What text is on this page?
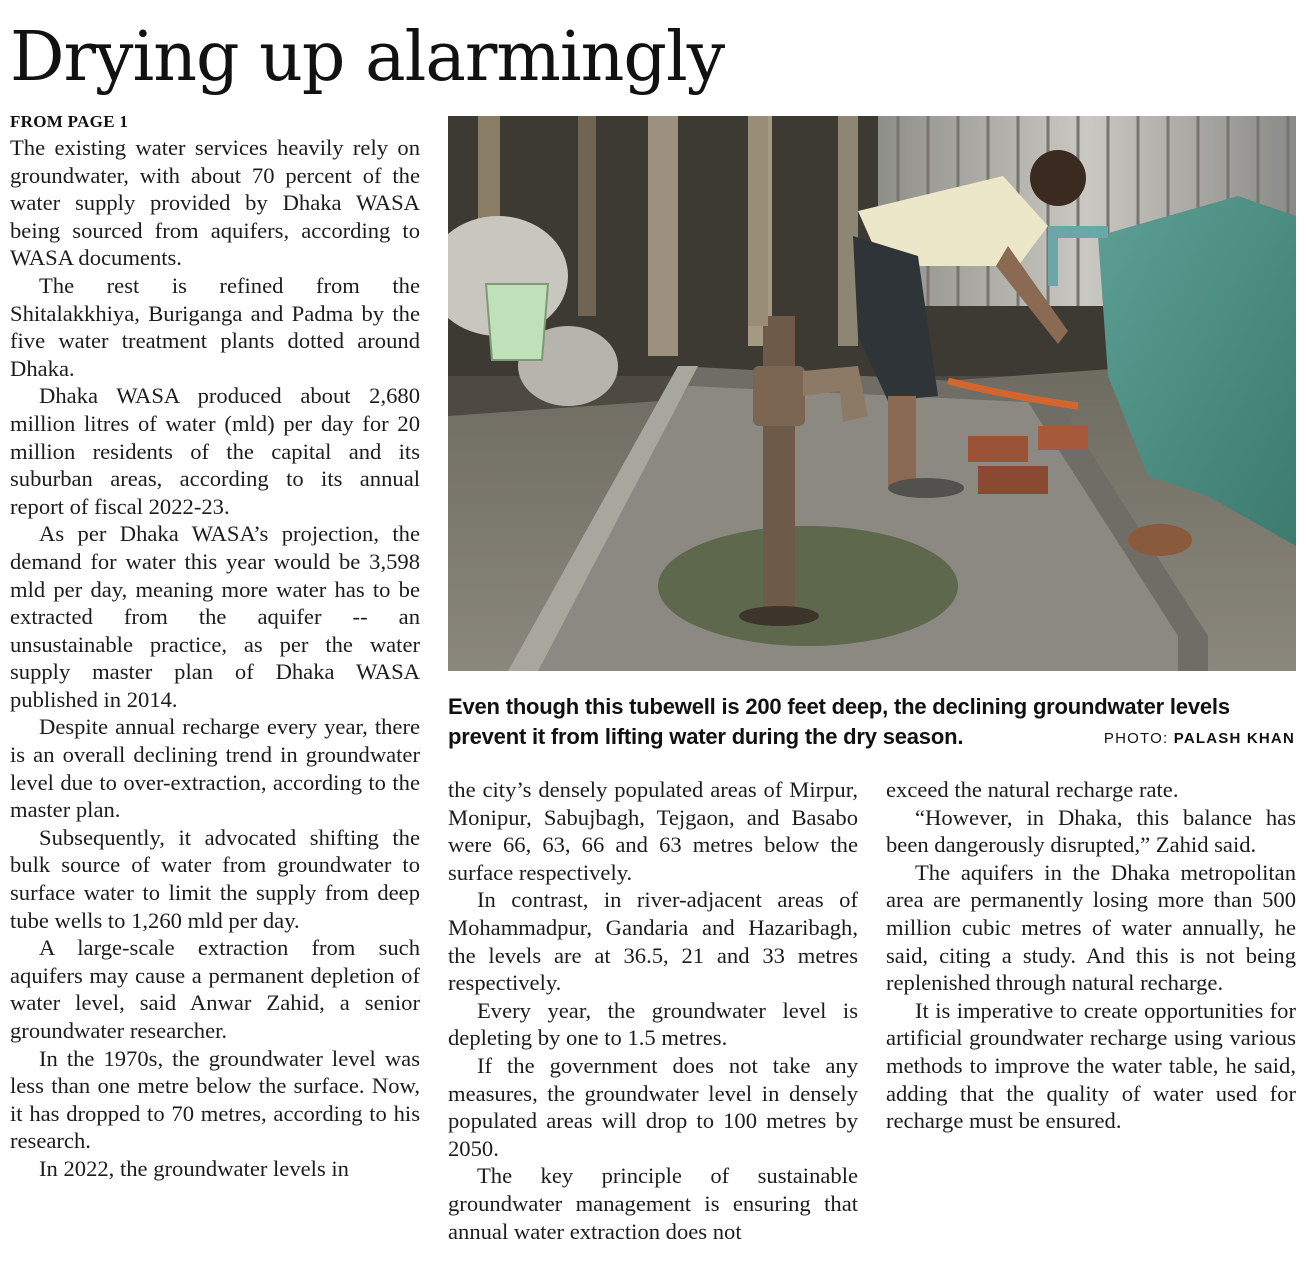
Drying up alarmingly
FROM PAGE 1

The existing water services heavily rely on groundwater, with about 70 percent of the water supply provided by Dhaka WASA being sourced from aquifers, according to WASA documents.

The rest is refined from the Shitalakkhiya, Buriganga and Padma by the five water treatment plants dotted around Dhaka.

Dhaka WASA produced about 2,680 million litres of water (mld) per day for 20 million residents of the capital and its suburban areas, according to its annual report of fiscal 2022-23.

As per Dhaka WASA’s projection, the demand for water this year would be 3,598 mld per day, meaning more water has to be extracted from the aquifer -- an unsustainable practice, as per the water supply master plan of Dhaka WASA published in 2014.

Despite annual recharge every year, there is an overall declining trend in groundwater level due to over-extraction, according to the master plan.

Subsequently, it advocated shifting the bulk source of water from groundwater to surface water to limit the supply from deep tube wells to 1,260 mld per day.

A large-scale extraction from such aquifers may cause a permanent depletion of water level, said Anwar Zahid, a senior groundwater researcher.

In the 1970s, the groundwater level was less than one metre below the surface. Now, it has dropped to 70 metres, according to his research.

In 2022, the groundwater levels in

Even though this tubewell is 200 feet deep, the declining groundwater levels prevent it from lifting water during the dry season.	PHOTO: PALASH KHAN

the city’s densely populated areas of Mirpur, Monipur, Sabujbagh, Tejgaon, and Basabo were 66, 63, 66 and 63 metres below the surface respectively.

In contrast, in river-adjacent areas of Mohammadpur, Gandaria and Hazaribagh, the levels are at 36.5, 21 and 33 metres respectively.

Every year, the groundwater level is depleting by one to 1.5 metres.

If the government does not take any measures, the groundwater level in densely populated areas will drop to 100 metres by 2050.

The key principle of sustainable groundwater management is ensuring that annual water extraction does not

exceed the natural recharge rate.

“However, in Dhaka, this balance has been dangerously disrupted,” Zahid said.

The aquifers in the Dhaka metropolitan area are permanently losing more than 500 million cubic metres of water annually, he said, citing a study. And this is not being replenished through natural recharge.

It is imperative to create opportunities for artificial groundwater recharge using various methods to improve the water table, he said, adding that the quality of water used for recharge must be ensured.
